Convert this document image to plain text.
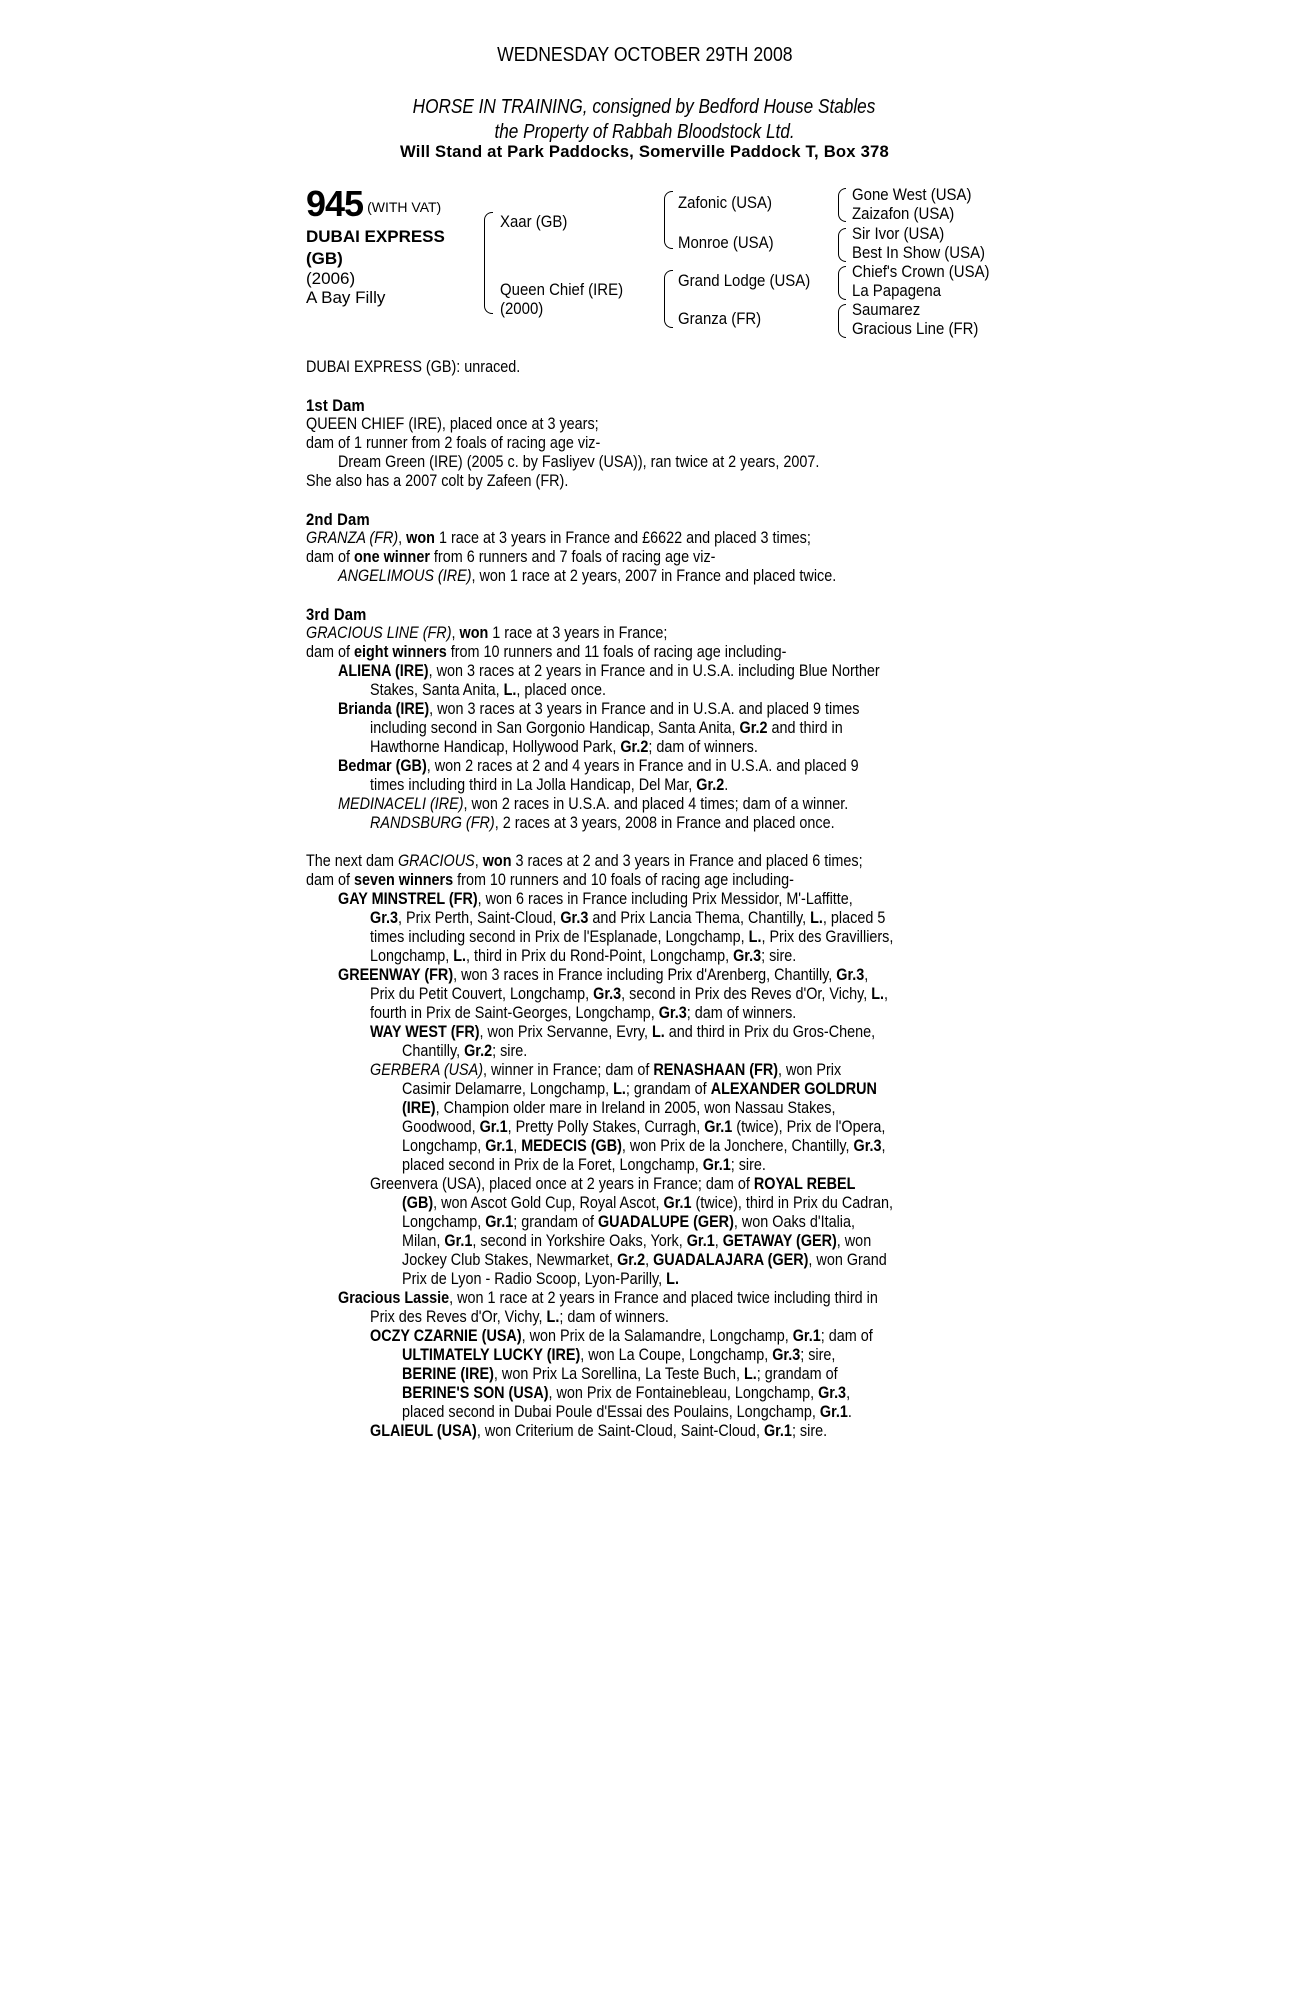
WEDNESDAY OCTOBER 29TH 2008
HORSE IN TRAINING, consigned by Bedford House Stables
the Property of Rabbah Bloodstock Ltd.
Will Stand at Park Paddocks, Somerville Paddock T, Box 378
945 (WITH VAT)
DUBAI EXPRESS
(GB)
(2006)
A Bay Filly
Xaar (GB)
Queen Chief (IRE)
(2000)
Zafonic (USA)
Monroe (USA)
Grand Lodge (USA)
Granza (FR)
Gone West (USA)
Zaizafon (USA)
Sir Ivor (USA)
Best In Show (USA)
Chief's Crown (USA)
La Papagena
Saumarez
Gracious Line (FR)
DUBAI EXPRESS (GB): unraced.
1st Dam
QUEEN CHIEF (IRE), placed once at 3 years;
dam of 1 runner from 2 foals of racing age viz-
Dream Green (IRE) (2005 c. by Fasliyev (USA)), ran twice at 2 years, 2007.
She also has a 2007 colt by Zafeen (FR).
2nd Dam
GRANZA (FR), won 1 race at 3 years in France and £6622 and placed 3 times;
dam of one winner from 6 runners and 7 foals of racing age viz-
ANGELIMOUS (IRE), won 1 race at 2 years, 2007 in France and placed twice.
3rd Dam
GRACIOUS LINE (FR), won 1 race at 3 years in France;
dam of eight winners from 10 runners and 11 foals of racing age including-
ALIENA (IRE), won 3 races at 2 years in France and in U.S.A. including Blue Norther
Stakes, Santa Anita, L., placed once.
Brianda (IRE), won 3 races at 3 years in France and in U.S.A. and placed 9 times
including second in San Gorgonio Handicap, Santa Anita, Gr.2 and third in
Hawthorne Handicap, Hollywood Park, Gr.2; dam of winners.
Bedmar (GB), won 2 races at 2 and 4 years in France and in U.S.A. and placed 9
times including third in La Jolla Handicap, Del Mar, Gr.2.
MEDINACELI (IRE), won 2 races in U.S.A. and placed 4 times; dam of a winner.
RANDSBURG (FR), 2 races at 3 years, 2008 in France and placed once.
The next dam GRACIOUS, won 3 races at 2 and 3 years in France and placed 6 times;
dam of seven winners from 10 runners and 10 foals of racing age including-
GAY MINSTREL (FR), won 6 races in France including Prix Messidor, M'-Laffitte,
Gr.3, Prix Perth, Saint-Cloud, Gr.3 and Prix Lancia Thema, Chantilly, L., placed 5
times including second in Prix de l'Esplanade, Longchamp, L., Prix des Gravilliers,
Longchamp, L., third in Prix du Rond-Point, Longchamp, Gr.3; sire.
GREENWAY (FR), won 3 races in France including Prix d'Arenberg, Chantilly, Gr.3,
Prix du Petit Couvert, Longchamp, Gr.3, second in Prix des Reves d'Or, Vichy, L.,
fourth in Prix de Saint-Georges, Longchamp, Gr.3; dam of winners.
WAY WEST (FR), won Prix Servanne, Evry, L. and third in Prix du Gros-Chene,
Chantilly, Gr.2; sire.
GERBERA (USA), winner in France; dam of RENASHAAN (FR), won Prix
Casimir Delamarre, Longchamp, L.; grandam of ALEXANDER GOLDRUN
(IRE), Champion older mare in Ireland in 2005, won Nassau Stakes,
Goodwood, Gr.1, Pretty Polly Stakes, Curragh, Gr.1 (twice), Prix de l'Opera,
Longchamp, Gr.1, MEDECIS (GB), won Prix de la Jonchere, Chantilly, Gr.3,
placed second in Prix de la Foret, Longchamp, Gr.1; sire.
Greenvera (USA), placed once at 2 years in France; dam of ROYAL REBEL
(GB), won Ascot Gold Cup, Royal Ascot, Gr.1 (twice), third in Prix du Cadran,
Longchamp, Gr.1; grandam of GUADALUPE (GER), won Oaks d'Italia,
Milan, Gr.1, second in Yorkshire Oaks, York, Gr.1, GETAWAY (GER), won
Jockey Club Stakes, Newmarket, Gr.2, GUADALAJARA (GER), won Grand
Prix de Lyon - Radio Scoop, Lyon-Parilly, L.
Gracious Lassie, won 1 race at 2 years in France and placed twice including third in
Prix des Reves d'Or, Vichy, L.; dam of winners.
OCZY CZARNIE (USA), won Prix de la Salamandre, Longchamp, Gr.1; dam of
ULTIMATELY LUCKY (IRE), won La Coupe, Longchamp, Gr.3; sire,
BERINE (IRE), won Prix La Sorellina, La Teste Buch, L.; grandam of
BERINE'S SON (USA), won Prix de Fontainebleau, Longchamp, Gr.3,
placed second in Dubai Poule d'Essai des Poulains, Longchamp, Gr.1.
GLAIEUL (USA), won Criterium de Saint-Cloud, Saint-Cloud, Gr.1; sire.
